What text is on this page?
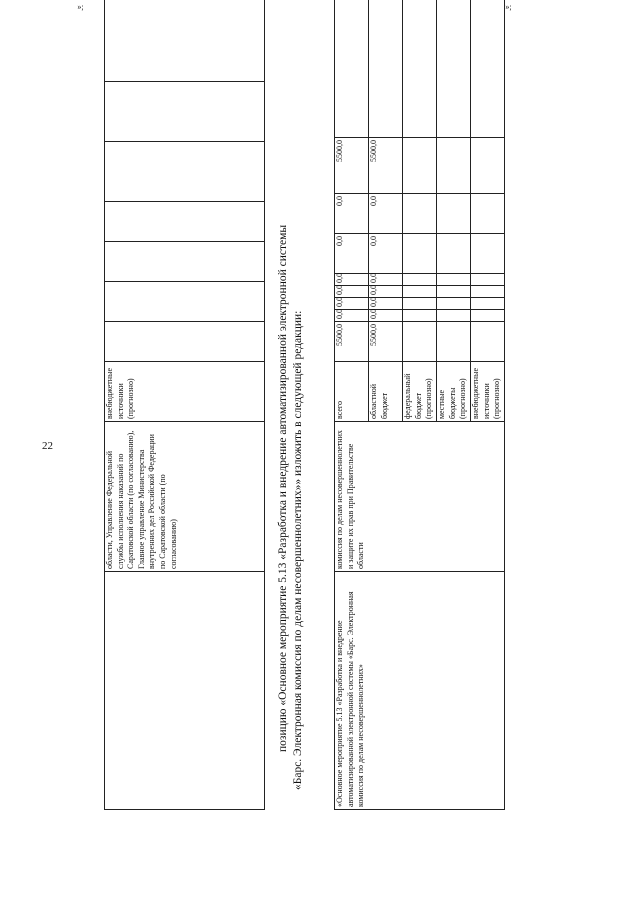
22
	области, Управление Федеральной службы исполнения наказаний по Саратовской области (по согласованию), Главное управление Министерства внутренних дел Российской Федерации по Саратовской области (по согласованию)	внебюджетные источники (прогнозно)							
»;
позицию «Основное мероприятие 5.13 «Разработка и внедрение автоматизированной электронной системы «Барс. Электронная комиссия по делам несовершеннолетних»» изложить в следующей редакции:	«Основное мероприятие 5.13 «Разработка и внедрение автоматизированной электронной системы «Барс. Электронная комиссия по делам несовершеннолетних»	комиссия по делам несовершеннолетних и защите их прав при Правительстве области	всего	5500,0	0,0	0,0	0,0	0,0	0,0	0,0	5500,0	
		областной бюджет	5500,0	0,0	0,0	0,0	0,0	0,0	0,0	5500,0	
		федеральный бюджет (прогнозно)									
		местные бюджеты (прогнозно)									
		внебюджетные источники (прогнозно)									
»;
